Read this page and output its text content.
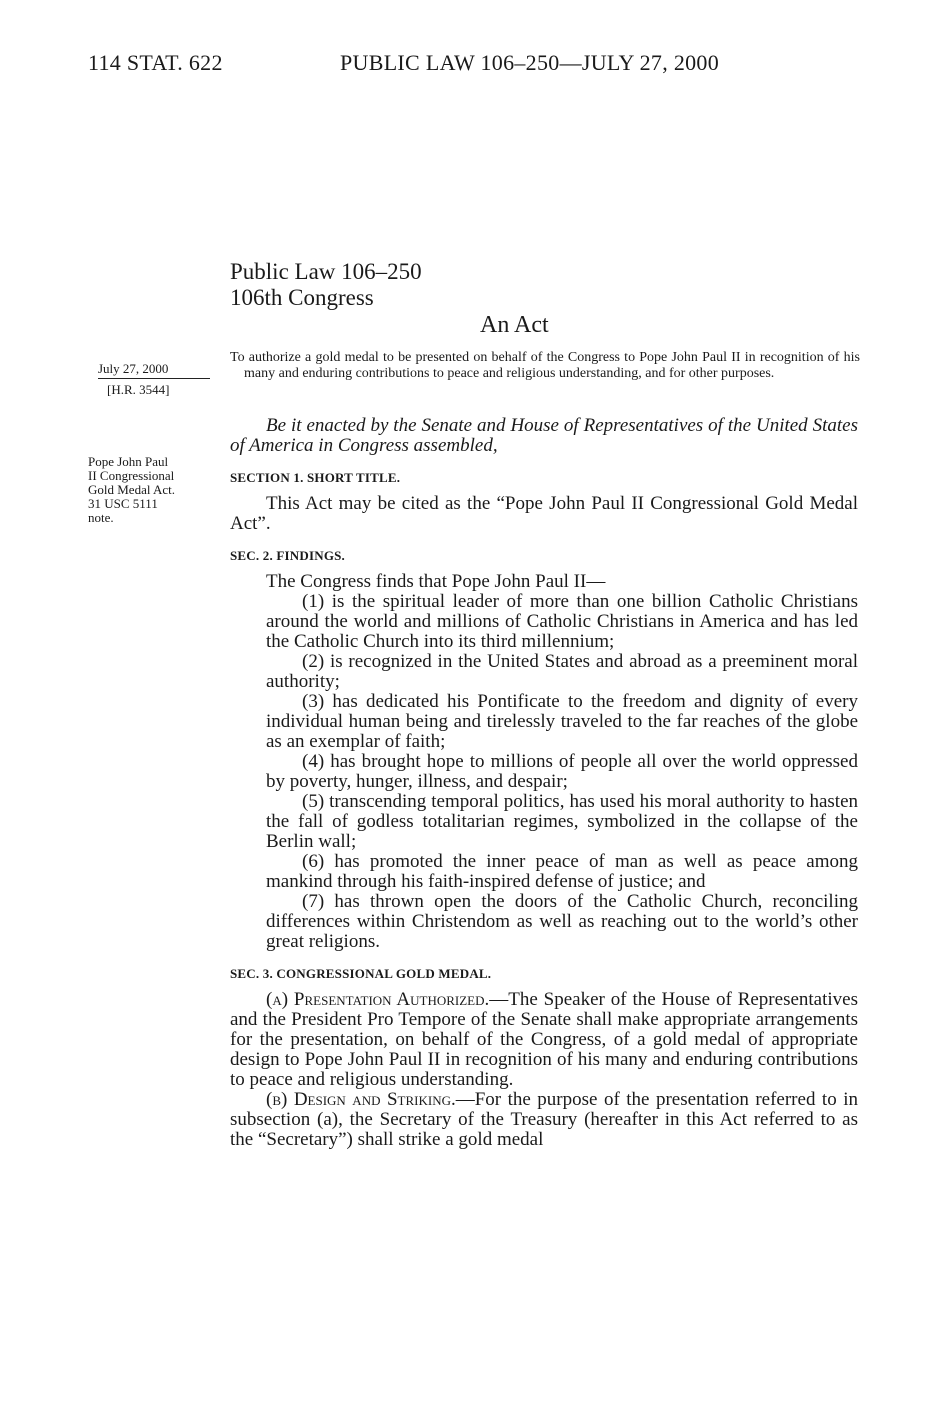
114 STAT. 622	PUBLIC LAW 106–250—JULY 27, 2000
Public Law 106–250
106th Congress
An Act
July 27, 2000
[H.R. 3544]
Pope John Paul
II Congressional
Gold Medal Act.
31 USC 5111
note.

To authorize a gold medal to be presented on behalf of the Congress to Pope John Paul II in recognition of his many and enduring contributions to peace and religious understanding, and for other purposes.

Be it enacted by the Senate and House of Representatives of the United States of America in Congress assembled,

SECTION 1. SHORT TITLE.

This Act may be cited as the “Pope John Paul II Congressional Gold Medal Act”.

SEC. 2. FINDINGS.

The Congress finds that Pope John Paul II—

(1) is the spiritual leader of more than one billion Catholic Christians around the world and millions of Catholic Christians in America and has led the Catholic Church into its third millennium;

(2) is recognized in the United States and abroad as a preeminent moral authority;

(3) has dedicated his Pontificate to the freedom and dignity of every individual human being and tirelessly traveled to the far reaches of the globe as an exemplar of faith;

(4) has brought hope to millions of people all over the world oppressed by poverty, hunger, illness, and despair;

(5) transcending temporal politics, has used his moral authority to hasten the fall of godless totalitarian regimes, symbolized in the collapse of the Berlin wall;

(6) has promoted the inner peace of man as well as peace among mankind through his faith-inspired defense of justice; and

(7) has thrown open the doors of the Catholic Church, reconciling differences within Christendom as well as reaching out to the world’s other great religions.

SEC. 3. CONGRESSIONAL GOLD MEDAL.

(a) Presentation Authorized.—The Speaker of the House of Representatives and the President Pro Tempore of the Senate shall make appropriate arrangements for the presentation, on behalf of the Congress, of a gold medal of appropriate design to Pope John Paul II in recognition of his many and enduring contributions to peace and religious understanding.

(b) Design and Striking.—For the purpose of the presentation referred to in subsection (a), the Secretary of the Treasury (hereafter in this Act referred to as the “Secretary”) shall strike a gold medal
